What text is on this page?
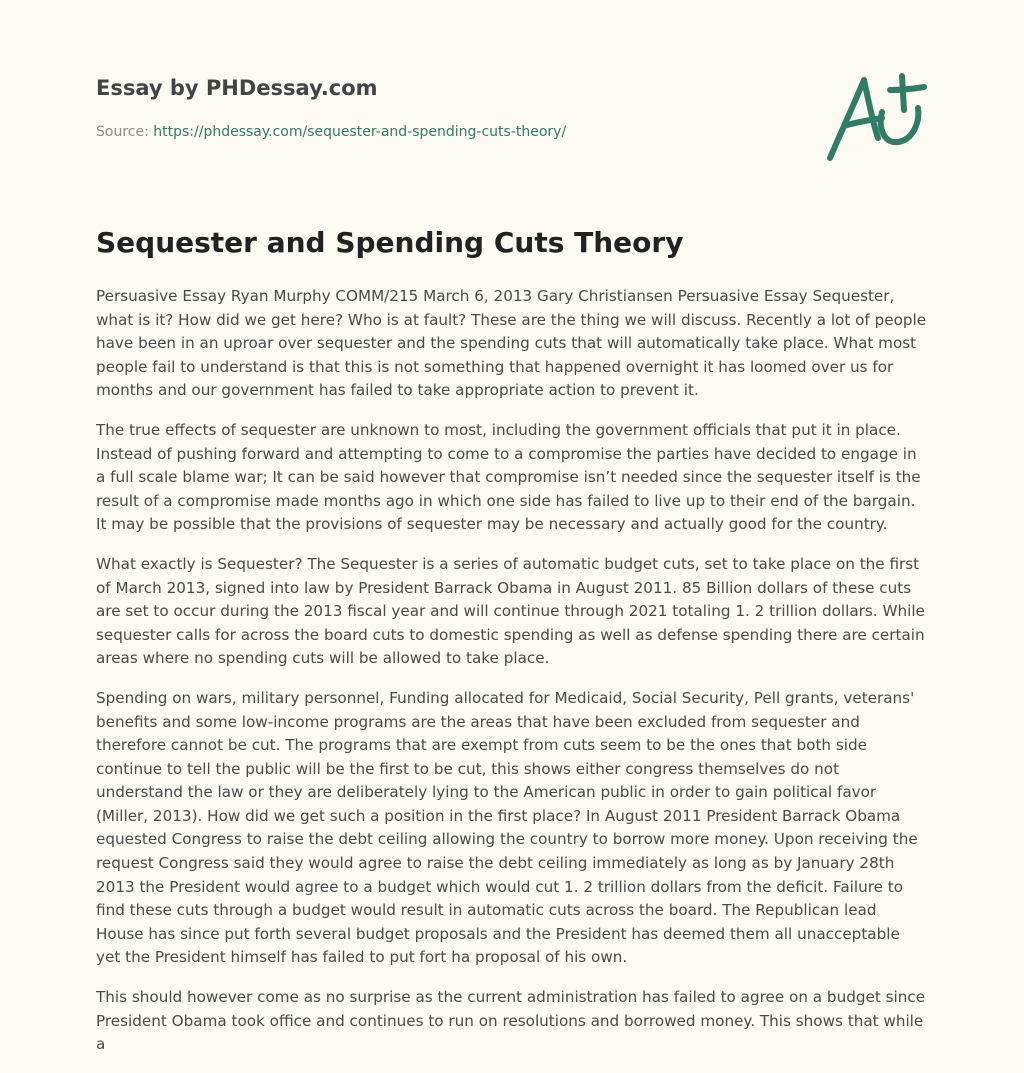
Essay by PHDessay.com
Source: https://phdessay.com/sequester-and-spending-cuts-theory/
Sequester and Spending Cuts Theory

Persuasive Essay Ryan Murphy COMM/215 March 6, 2013 Gary Christiansen Persuasive Essay Sequester, what is it? How did we get here? Who is at fault? These are the thing we will discuss. Recently a lot of people have been in an uproar over sequester and the spending cuts that will automatically take place. What most people fail to understand is that this is not something that happened overnight it has loomed over us for months and our government has failed to take appropriate action to prevent it.

The true effects of sequester are unknown to most, including the government officials that put it in place. Instead of pushing forward and attempting to come to a compromise the parties have decided to engage in a full scale blame war; It can be said however that compromise isn’t needed since the sequester itself is the result of a compromise made months ago in which one side has failed to live up to their end of the bargain. It may be possible that the provisions of sequester may be necessary and actually good for the country.

What exactly is Sequester? The Sequester is a series of automatic budget cuts, set to take place on the first of March 2013, signed into law by President Barrack Obama in August 2011. 85 Billion dollars of these cuts are set to occur during the 2013 fiscal year and will continue through 2021 totaling 1. 2 trillion dollars. While sequester calls for across the board cuts to domestic spending as well as defense spending there are certain areas where no spending cuts will be allowed to take place.

Spending on wars, military personnel, Funding allocated for Medicaid, Social Security, Pell grants, veterans' benefits and some low-income programs are the areas that have been excluded from sequester and therefore cannot be cut. The programs that are exempt from cuts seem to be the ones that both side continue to tell the public will be the first to be cut, this shows either congress themselves do not understand the law or they are deliberately lying to the American public in order to gain political favor (Miller, 2013). How did we get such a position in the first place? In August 2011 President Barrack Obama equested Congress to raise the debt ceiling allowing the country to borrow more money. Upon receiving the request Congress said they would agree to raise the debt ceiling immediately as long as by January 28th 2013 the President would agree to a budget which would cut 1. 2 trillion dollars from the deficit. Failure to find these cuts through a budget would result in automatic cuts across the board. The Republican lead House has since put forth several budget proposals and the President has deemed them all unacceptable yet the President himself has failed to put fort ha proposal of his own.

This should however come as no surprise as the current administration has failed to agree on a budget since President Obama took office and continues to run on resolutions and borrowed money. This shows that while a
